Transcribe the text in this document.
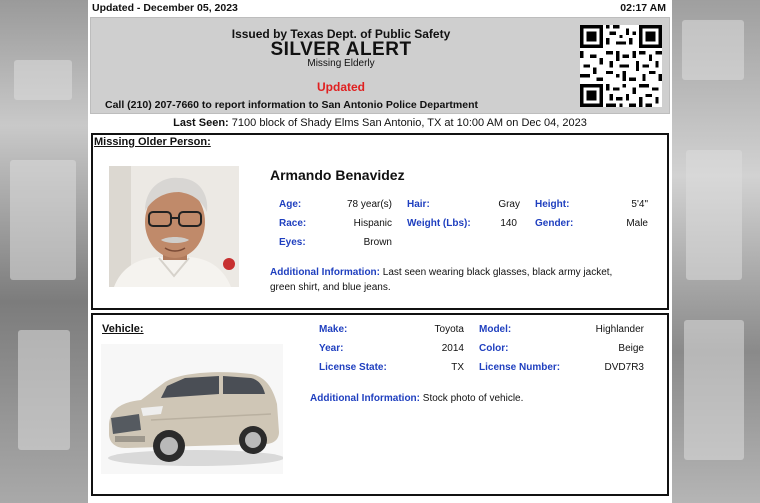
Updated - December 05, 2023	02:17 AM
Issued by Texas Dept. of Public Safety
SILVER ALERT
Missing Elderly
Updated
Call (210) 207-7660 to report information to San Antonio Police Department
Last Seen: 7100 block of Shady Elms San Antonio, TX at 10:00 AM on Dec 04, 2023
Missing Older Person:
Armando Benavidez
Age:	78 year(s) Hair:	Gray Height:	5'4"
Race:	Hispanic Weight (Lbs):	140 Gender:	Male
Eyes:	Brown
Additional Information: Last seen wearing black glasses, black army jacket,
green shirt, and blue jeans.
Vehicle:	Make:	Toyota Model:	Highlander
Year:	2014 Color:	Beige
License State:	TX License Number:	DVD7R3
Additional Information: Stock photo of vehicle.
